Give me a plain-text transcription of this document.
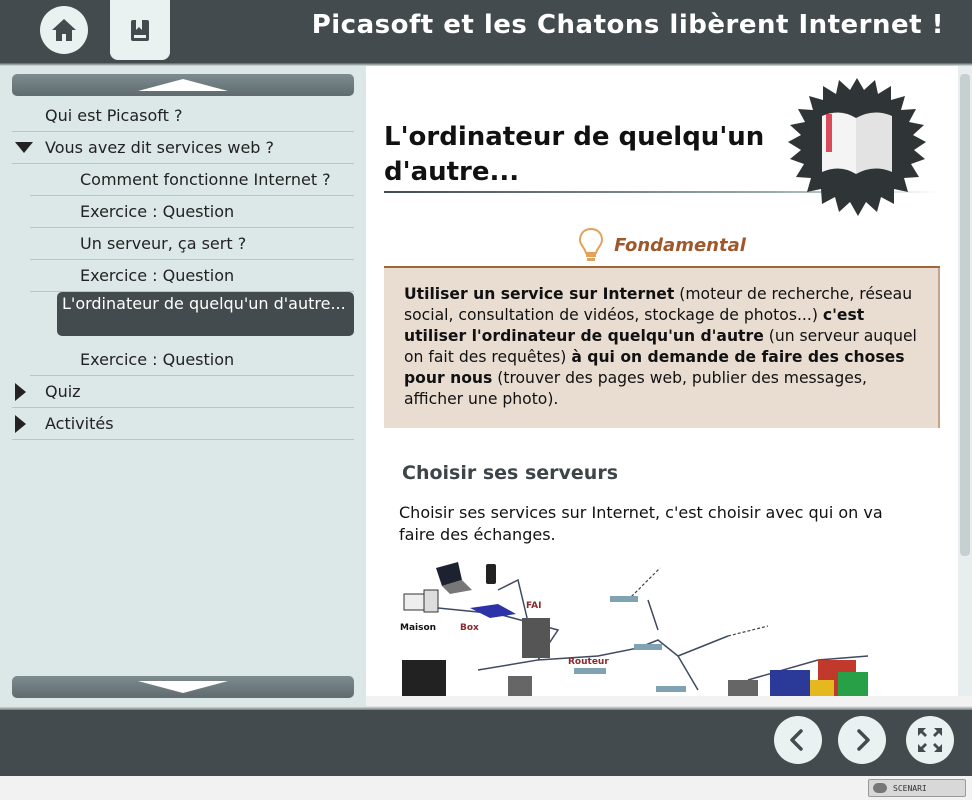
Picasoft et les Chatons libèrent Internet !
Qui est Picasoft ?
Vous avez dit services web ?
Comment fonctionne Internet ?
Exercice : Question
Un serveur, ça sert ?
Exercice : Question
L'ordinateur de quelqu'un d'autre...
Exercice : Question
Quiz
Activités
L'ordinateur de quelqu'un d'autre...
Fondamental
Utiliser un service sur Internet (moteur de recherche, réseau social, consultation de vidéos, stockage de photos...) c'est utiliser l'ordinateur de quelqu'un d'autre (un serveur auquel on fait des requêtes) à qui on demande de faire des choses pour nous (trouver des pages web, publier des messages, afficher une photo).
Choisir ses serveurs
Choisir ses services sur Internet, c'est choisir avec qui on va faire des échanges.
Maison	Box
FAI
Routeur
SCENARI
